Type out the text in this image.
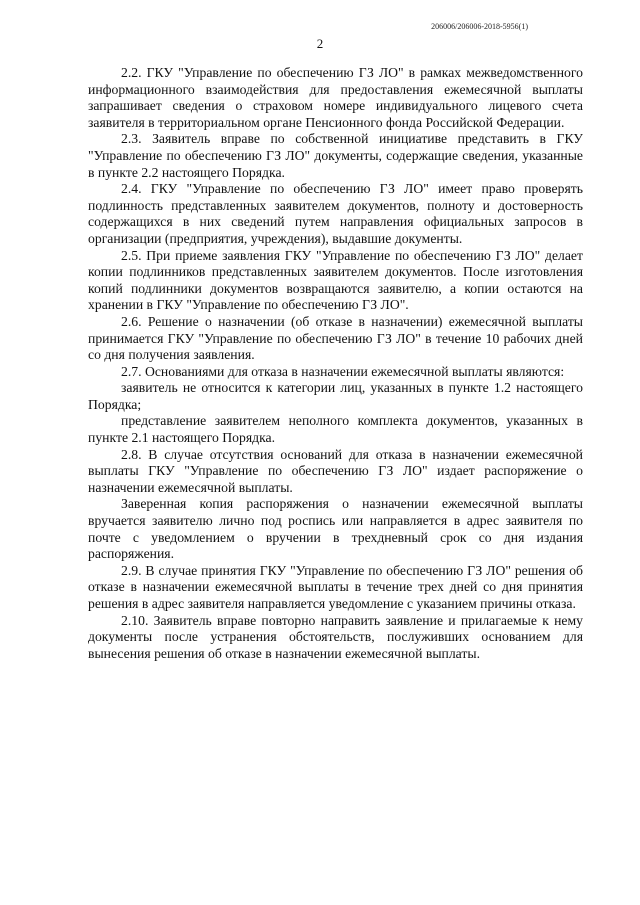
206006/206006-2018-5956(1)
2

2.2. ГКУ "Управление по обеспечению ГЗ ЛО" в рамках межведомственного информационного взаимодействия для предоставления ежемесячной выплаты запрашивает сведения о страховом номере индивидуального лицевого счета заявителя в территориальном органе Пенсионного фонда Российской Федерации.

2.3. Заявитель вправе по собственной инициативе представить в ГКУ "Управление по обеспечению ГЗ ЛО" документы, содержащие сведения, указанные в пункте 2.2 настоящего Порядка.

2.4. ГКУ "Управление по обеспечению ГЗ ЛО" имеет право проверять подлинность представленных заявителем документов, полноту и достоверность содержащихся в них сведений путем направления официальных запросов в организации (предприятия, учреждения), выдавшие документы.

2.5. При приеме заявления ГКУ "Управление по обеспечению ГЗ ЛО" делает копии подлинников представленных заявителем документов. После изготовления копий подлинники документов возвращаются заявителю, а копии остаются на хранении в ГКУ "Управление по обеспечению ГЗ ЛО".

2.6. Решение о назначении (об отказе в назначении) ежемесячной выплаты принимается ГКУ "Управление по обеспечению ГЗ ЛО" в течение 10 рабочих дней со дня получения заявления.

2.7. Основаниями для отказа в назначении ежемесячной выплаты являются:

заявитель не относится к категории лиц, указанных в пункте 1.2 настоящего Порядка;

представление заявителем неполного комплекта документов, указанных в пункте 2.1 настоящего Порядка.

2.8. В случае отсутствия оснований для отказа в назначении ежемесячной выплаты ГКУ "Управление по обеспечению ГЗ ЛО" издает распоряжение о назначении ежемесячной выплаты.

Заверенная копия распоряжения о назначении ежемесячной выплаты вручается заявителю лично под роспись или направляется в адрес заявителя по почте с уведомлением о вручении в трехдневный срок со дня издания распоряжения.

2.9. В случае принятия ГКУ "Управление по обеспечению ГЗ ЛО" решения об отказе в назначении ежемесячной выплаты в течение трех дней со дня принятия решения в адрес заявителя направляется уведомление с указанием причины отказа.

2.10. Заявитель вправе повторно направить заявление и прилагаемые к нему документы после устранения обстоятельств, послуживших основанием для вынесения решения об отказе в назначении ежемесячной выплаты.
